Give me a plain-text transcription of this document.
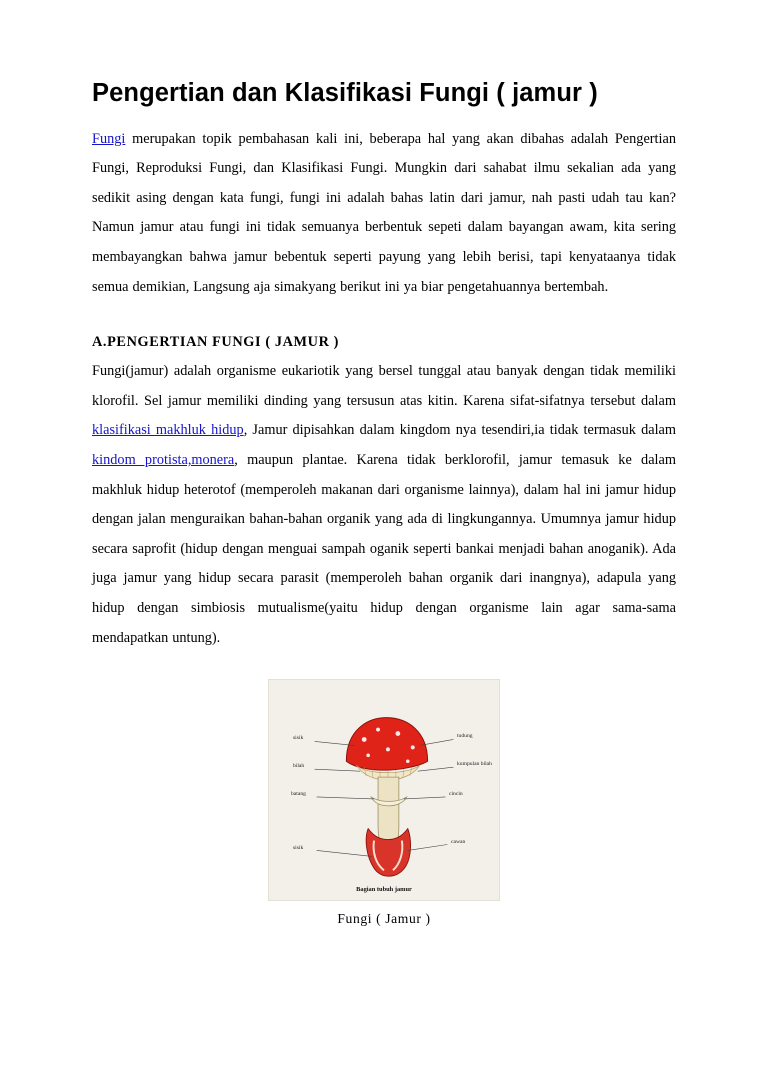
Pengertian dan Klasifikasi Fungi ( jamur )

Fungi merupakan topik pembahasan kali ini, beberapa hal yang akan dibahas adalah Pengertian Fungi, Reproduksi Fungi, dan Klasifikasi Fungi. Mungkin dari sahabat ilmu sekalian ada yang sedikit asing dengan kata fungi, fungi ini adalah bahas latin dari jamur, nah pasti udah tau kan? Namun jamur atau fungi ini tidak semuanya berbentuk sepeti dalam bayangan awam, kita sering membayangkan bahwa jamur bebentuk seperti payung yang lebih berisi, tapi kenyataanya tidak semua demikian, Langsung aja simakyang berikut ini ya biar pengetahuannya bertembah.

A.PENGERTIAN FUNGI ( JAMUR )

Fungi(jamur) adalah organisme eukariotik yang bersel tunggal atau banyak dengan tidak memiliki klorofil. Sel jamur memiliki dinding yang tersusun atas kitin. Karena sifat-sifatnya tersebut dalam klasifikasi makhluk hidup, Jamur dipisahkan dalam kingdom nya tesendiri,ia tidak termasuk dalam kindom protista,monera, maupun plantae. Karena tidak berklorofil, jamur temasuk ke dalam makhluk hidup heterotof (memperoleh makanan dari organisme lainnya), dalam hal ini jamur hidup dengan jalan menguraikan bahan-bahan organik yang ada di lingkungannya. Umumnya jamur hidup secara saprofit (hidup dengan menguai sampah oganik seperti bankai menjadi bahan anoganik). Ada juga jamur yang hidup secara parasit (memperoleh bahan organik dari inangnya), adapula yang hidup dengan simbiosis mutualisme(yaitu hidup dengan organisme lain agar sama-sama mendapatkan untung).

sisik
bilah
batang
sisik
tudung
kumpulan bilah
cincin
cawan
Bagian tubuh jamur
Fungi ( Jamur )
